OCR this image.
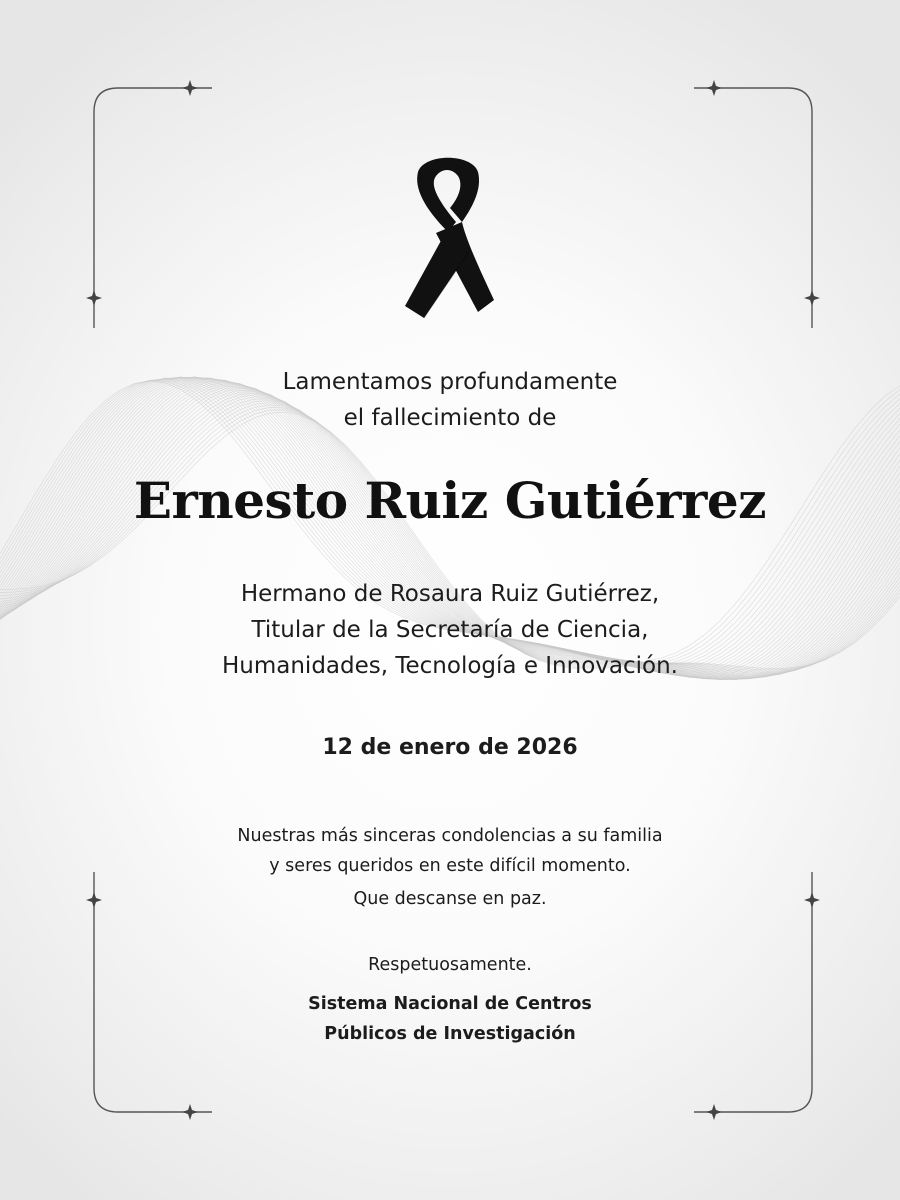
Lamentamos profundamente
el fallecimiento de

Ernesto Ruiz Gutiérrez

Hermano de Rosaura Ruiz Gutiérrez,
Titular de la Secretaría de Ciencia,
Humanidades, Tecnología e Innovación.

12 de enero de 2026

Nuestras más sinceras condolencias a su familia
y seres queridos en este difícil momento.

Que descanse en paz.

Respetuosamente.

Sistema Nacional de Centros
Públicos de Investigación
